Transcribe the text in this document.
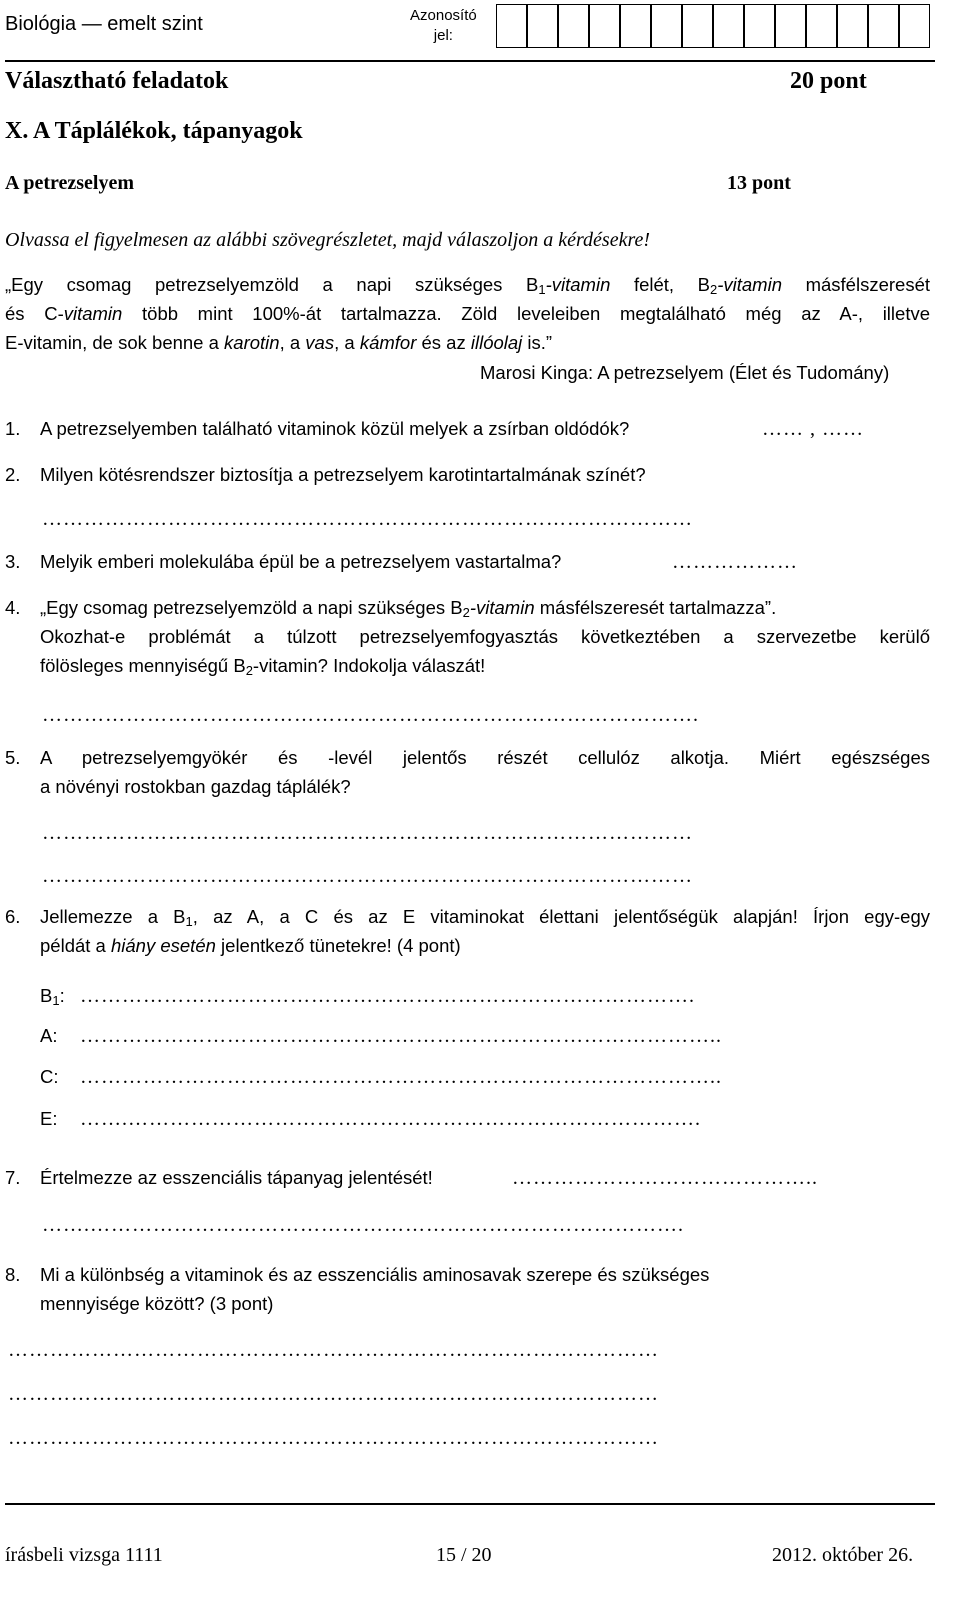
Biológia — emelt szint	Azonosító
jel:
Választható feladatok	20 pont
X. A Táplálékok, tápanyagok
A petrezselyem	13 pont
Olvassa el figyelmesen az alábbi szövegrészletet, majd válaszoljon a kérdésekre!
„Egy csomag petrezselyemzöld a napi szükséges $B_1$-vitamin felét, $B_2$-vitamin másfélszeresét
és C-vitamin több mint 100%-át tartalmazza. Zöld leveleiben megtalálható még az A-, illetve
E-vitamin, de sok benne a karotin, a vas, a kámfor és az illóolaj is.”
Marosi Kinga: A petrezselyem (Élet és Tudomány)
1. A petrezselyemben található vitaminok közül melyek a zsírban oldódók?	…… , ……
2. Milyen kötésrendszer biztosítja a petrezselyem karotintartalmának színét?
…………………………………………………………………………………
3. Melyik emberi molekulába épül be a petrezselyem vastartalma?	………………
4. „Egy csomag petrezselyemzöld a napi szükséges $B_2$-vitamin másfélszeresét tartalmazza”.
Okozhat-e problémát a túlzott petrezselyemfogyasztás következtében a szervezetbe kerülő
fölösleges mennyiségű $B_2$-vitamin? Indokolja válaszát!
………………………………………………………………………………….
5. A petrezselyemgyökér és -levél jelentős részét cellulóz alkotja. Miért egészséges
a növényi rostokban gazdag táplálék?
…………………………………………………………………………………
…………………………………………………………………………………
6. Jellemezze a $B_1$, az A, a C és az E vitaminokat élettani jelentőségük alapján! Írjon egy-egy
példát a hiány esetén jelentkező tünetekre! (4 pont)
$B_1$: …………………………………………………………………………….
A: ………………………………………………………………………………..
C: ………………………………………………………………………………..
E: …….……………………………………………………………………….
7. Értelmezze az esszenciális tápanyag jelentését!	……………………………………..
…….………………………………………………………………………….
8. Mi a különbség a vitaminok és az esszenciális aminosavak szerepe és szükséges
mennyisége között? (3 pont)
…………………………………………………………………………………
…………………………………………………………………………………
…………………………………………………………………………………
írásbeli vizsga 1111	15 / 20	2012. október 26.
